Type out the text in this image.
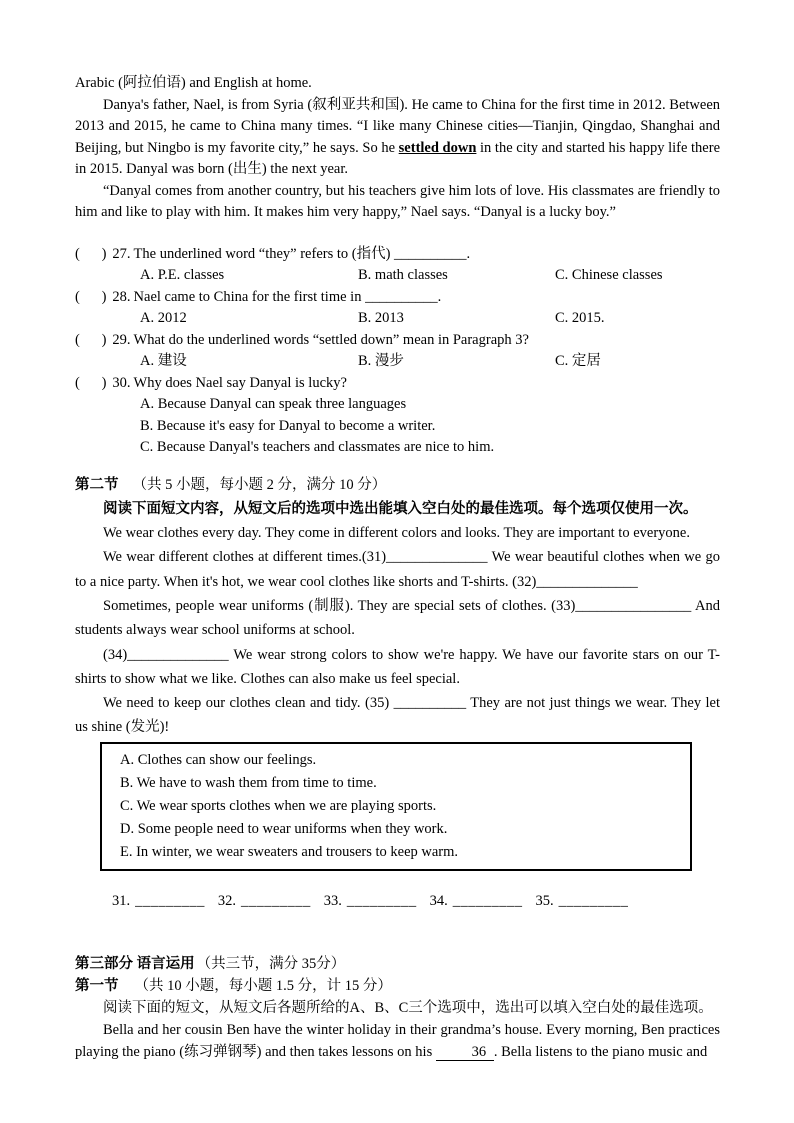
Arabic (阿拉伯语) and English at home.

Danya's father, Nael, is from Syria (叙利亚共和国). He came to China for the first time in 2012. Between 2013 and 2015, he came to China many times. “I like many Chinese cities—Tianjin, Qingdao, Shanghai and Beijing, but Ningbo is my favorite city,” he says. So he settled down in the city and started his happy life there in 2015. Danyal was born (出生) the next year.

“Danyal comes from another country, but his teachers give him lots of love. His classmates are friendly to him and like to play with him. It makes him very happy,” Nael says. “Danyal is a lucky boy.”

(      ) 27. The underlined word “they” refers to (指代) __________.
A. P.E. classes	B. math classes	C. Chinese classes
(      ) 28. Nael came to China for the first time in __________.
A. 2012	B. 2013	C. 2015.
(      ) 29. What do the underlined words “settled down” mean in Paragraph 3?
A. 建设	B. 漫步	C. 定居
(      ) 30. Why does Nael say Danyal is lucky?
A. Because Danyal can speak three languages
B. Because it's easy for Danyal to become a writer.
C. Because Danyal's teachers and classmates are nice to him.
第二节 （共 5 小题，每小题 2 分，满分 10 分）
阅读下面短文内容，从短文后的选项中选出能填入空白处的最佳选项。每个选项仅使用一次。

We wear clothes every day. They come in different colors and looks. They are important to everyone.

We wear different clothes at different times.(31)______________ We wear beautiful clothes when we go to a nice party. When it's hot, we wear cool clothes like shorts and T-shirts. (32)______________

Sometimes, people wear uniforms (制服). They are special sets of clothes. (33)________________ And students always wear school uniforms at school.

(34)______________ We wear strong colors to show we're happy. We have our favorite stars on our T-shirts to show what we like. Clothes can also make us feel special.

We need to keep our clothes clean and tidy. (35) __________ They are not just things we wear. They let us shine (发光)!

A. Clothes can show our feelings.
B. We have to wash them from time to time.
C. We wear sports clothes when we are playing sports.
D. Some people need to wear uniforms when they work.
E. In winter, we wear sweaters and trousers to keep warm.
31. _________ 32. _________ 33. _________ 34. _________ 35. _________
第三部分 语言运用 （共三节，满分 35分）
第一节 （共 10 小题，每小题 1.5 分，计 15 分）
阅读下面的短文，从短文后各题所给的A、B、C三个选项中，选出可以填入空白处的最佳选项。

Bella and her cousin Ben have the winter holiday in their grandma’s house. Every morning, Ben practices playing the piano (练习弹钢琴) and then takes lessons on his 36 . Bella listens to the piano music and
